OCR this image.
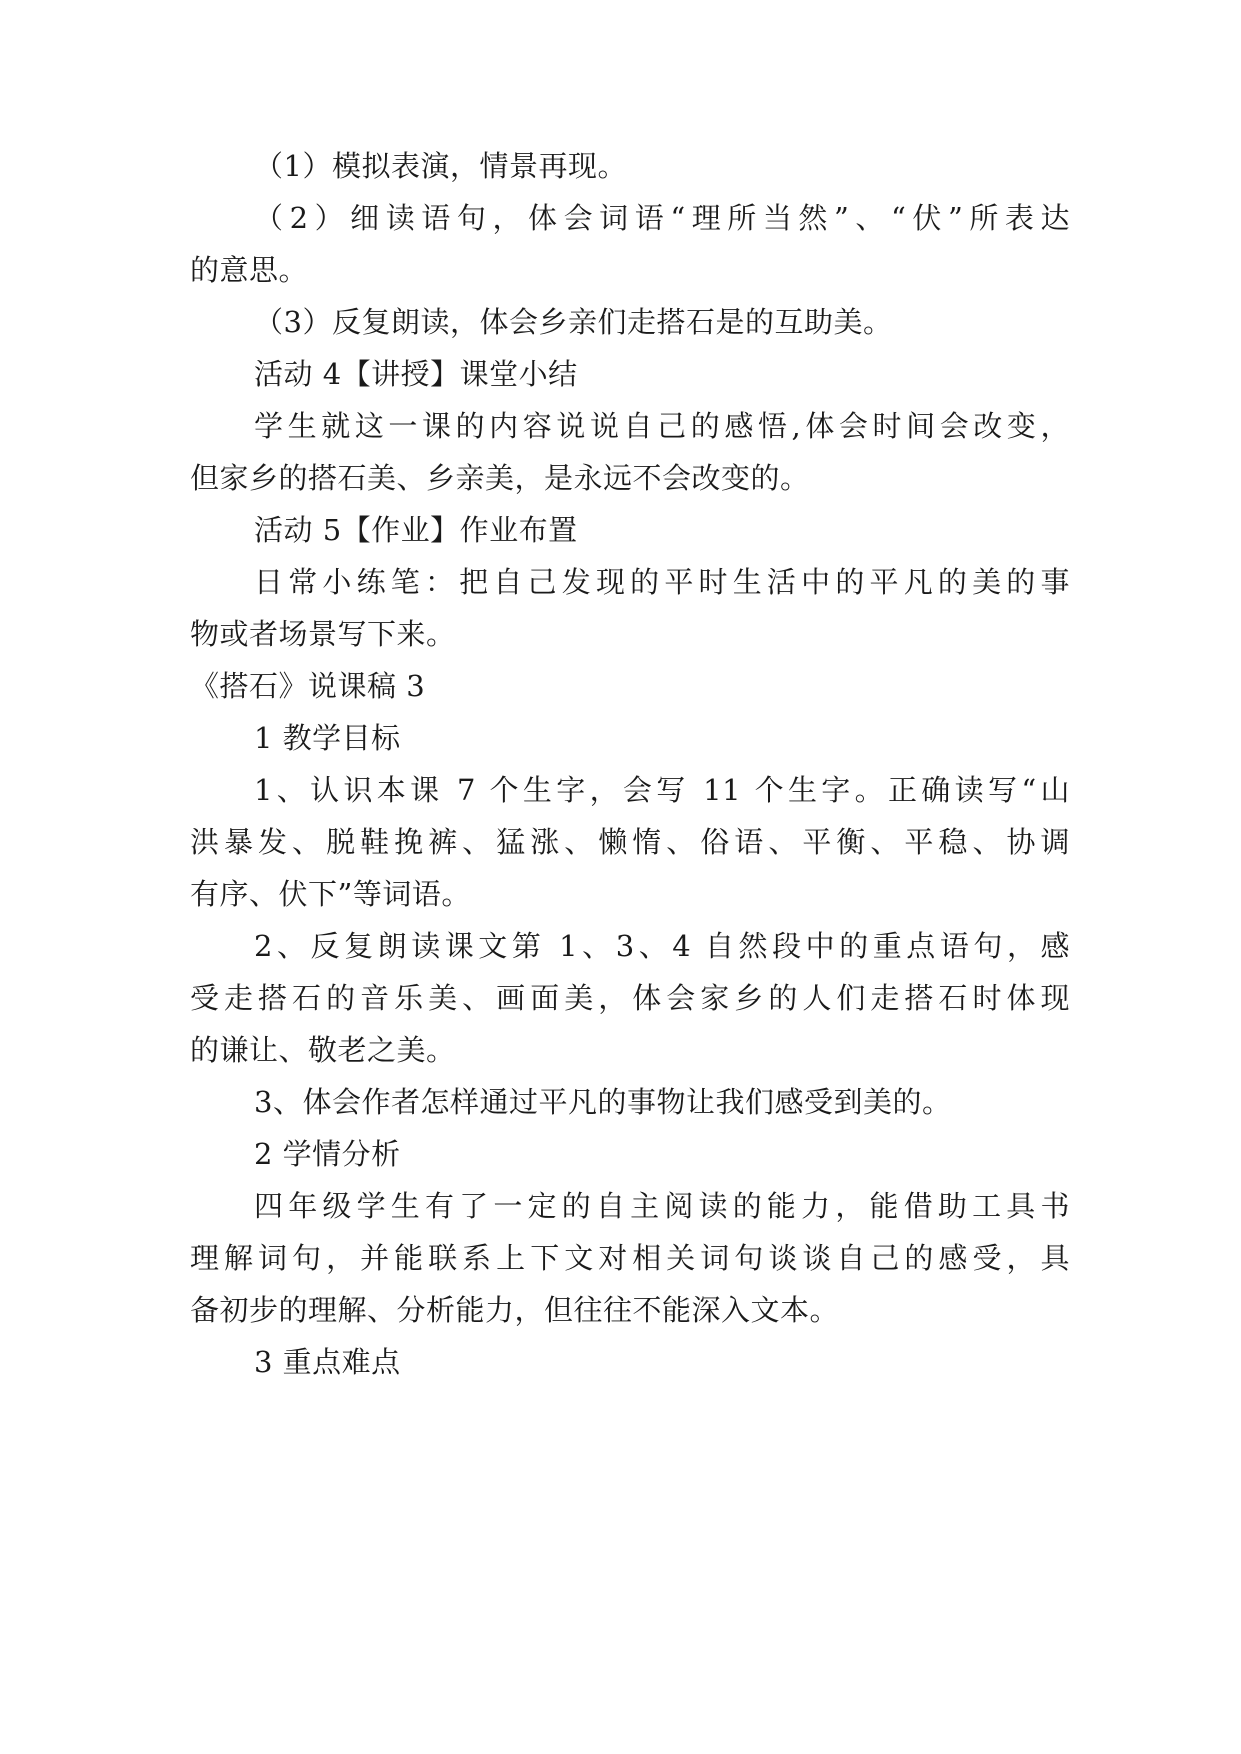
（1）模拟表演，情景再现。
（2）细读语句，体会词语“理所当然”、“伏”所表达
的意思。
（3）反复朗读，体会乡亲们走搭石是的互助美。
活动 4【讲授】课堂小结
学生就这一课的内容说说自己的感悟,体会时间会改变，
但家乡的搭石美、乡亲美，是永远不会改变的。
活动 5【作业】作业布置
日常小练笔：把自己发现的平时生活中的平凡的美的事
物或者场景写下来。
《搭石》说课稿 3
1 教学目标
1、认识本课 7 个生字，会写 11 个生字。正确读写“山
洪暴发、脱鞋挽裤、猛涨、懒惰、俗语、平衡、平稳、协调
有序、伏下”等词语。
2、反复朗读课文第 1、3、4 自然段中的重点语句，感
受走搭石的音乐美、画面美，体会家乡的人们走搭石时体现
的谦让、敬老之美。
3、体会作者怎样通过平凡的事物让我们感受到美的。
2 学情分析
四年级学生有了一定的自主阅读的能力，能借助工具书
理解词句，并能联系上下文对相关词句谈谈自己的感受，具
备初步的理解、分析能力，但往往不能深入文本。
3 重点难点
